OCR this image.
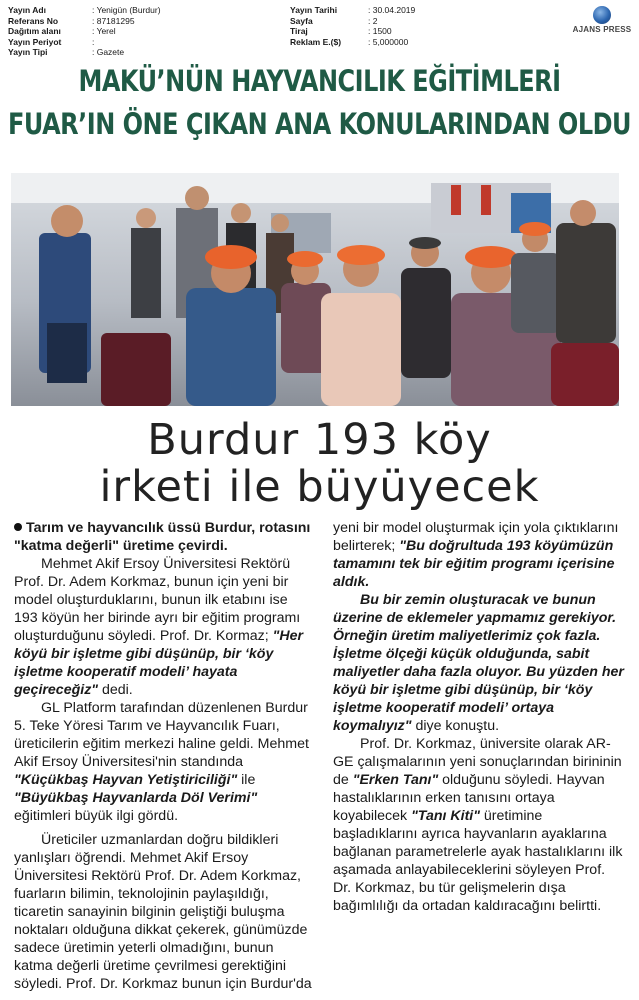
Yayın Adı	: Yenigün (Burdur)
Referans No	: 87181295
Dağıtım alanı	: Yerel
Yayın Periyot	:
Yayın Tipi	: Gazete
Yayın Tarihi	: 30.04.2019
Sayfa	: 2
Tiraj	: 1500
Reklam E.($)	: 5,000000
AJANS PRESS
MAKÜ’NÜN HAYVANCILIK EĞİTİMLERİ
FUAR’IN ÖNE ÇIKAN ANA KONULARINDAN OLDU
Burdur 193 köy
irketi ile büyüyecek

Tarım ve hayvancılık üssü Burdur, rotasını "katma değerli" üretime çevirdi.

Mehmet Akif Ersoy Üniversitesi Rektörü Prof. Dr. Adem Korkmaz, bunun için yeni bir model oluşturduklarını, bunun ilk etabını ise 193 köyün her birinde ayrı bir eğitim programı oluşturduğunu söyledi. Prof. Dr. Kormaz; "Her köyü bir işletme gibi düşünüp, bir ‘köy işletme kooperatif modeli’ hayata geçireceğiz" dedi.

GL Platform tarafından düzenlenen Burdur 5. Teke Yöresi Tarım ve Hayvancılık Fuarı, üreticilerin eğitim merkezi haline geldi. Mehmet Akif Ersoy Üniversitesi'nin standında "Küçükbaş Hayvan Yetiştiriciliği" ile "Büyükbaş Hayvanlarda Döl Verimi" eğitimleri büyük ilgi gördü.

Üreticiler uzmanlardan doğru bildikleri yanlışları öğrendi. Mehmet Akif Ersoy Üniversitesi Rektörü Prof. Dr. Adem Korkmaz, fuarların bilimin, teknolojinin paylaşıldığı, ticaretin sanayinin bilginin geliştiği buluşma noktaları olduğuna dikkat çekerek, günümüzde sadece üretimin yeterli olmadığını, bunun katma değerli üretime çevrilmesi gerektiğini söyledi. Prof. Dr. Korkmaz bunun için Burdur'da

yeni bir model oluşturmak için yola çıktıklarını belirterek; "Bu doğrultuda 193 köyümüzün tamamını tek bir eğitim programı içerisine aldık.

Bu bir zemin oluşturacak ve bunun üzerine de eklemeler yapmamız gerekiyor. Örneğin üretim maliyetlerimiz çok fazla. İşletme ölçeği küçük olduğunda, sabit maliyetler daha fazla oluyor. Bu yüzden her köyü bir işletme gibi düşünüp, bir ‘köy işletme kooperatif modeli’ ortaya koymalıyız" diye konuştu.

Prof. Dr. Korkmaz, üniversite olarak AR-GE çalışmalarının yeni sonuçlarından birininin de "Erken Tanı" olduğunu söyledi. Hayvan hastalıklarının erken tanısını ortaya koyabilecek "Tanı Kiti" üretimine başladıklarını ayrıca hayvanların ayaklarına bağlanan parametrelerle ayak hastalıklarını ilk aşamada anlayabileceklerini söyleyen Prof. Dr. Korkmaz, bu tür gelişmelerin dışa bağımlılığı da ortadan kaldıracağını belirtti.
